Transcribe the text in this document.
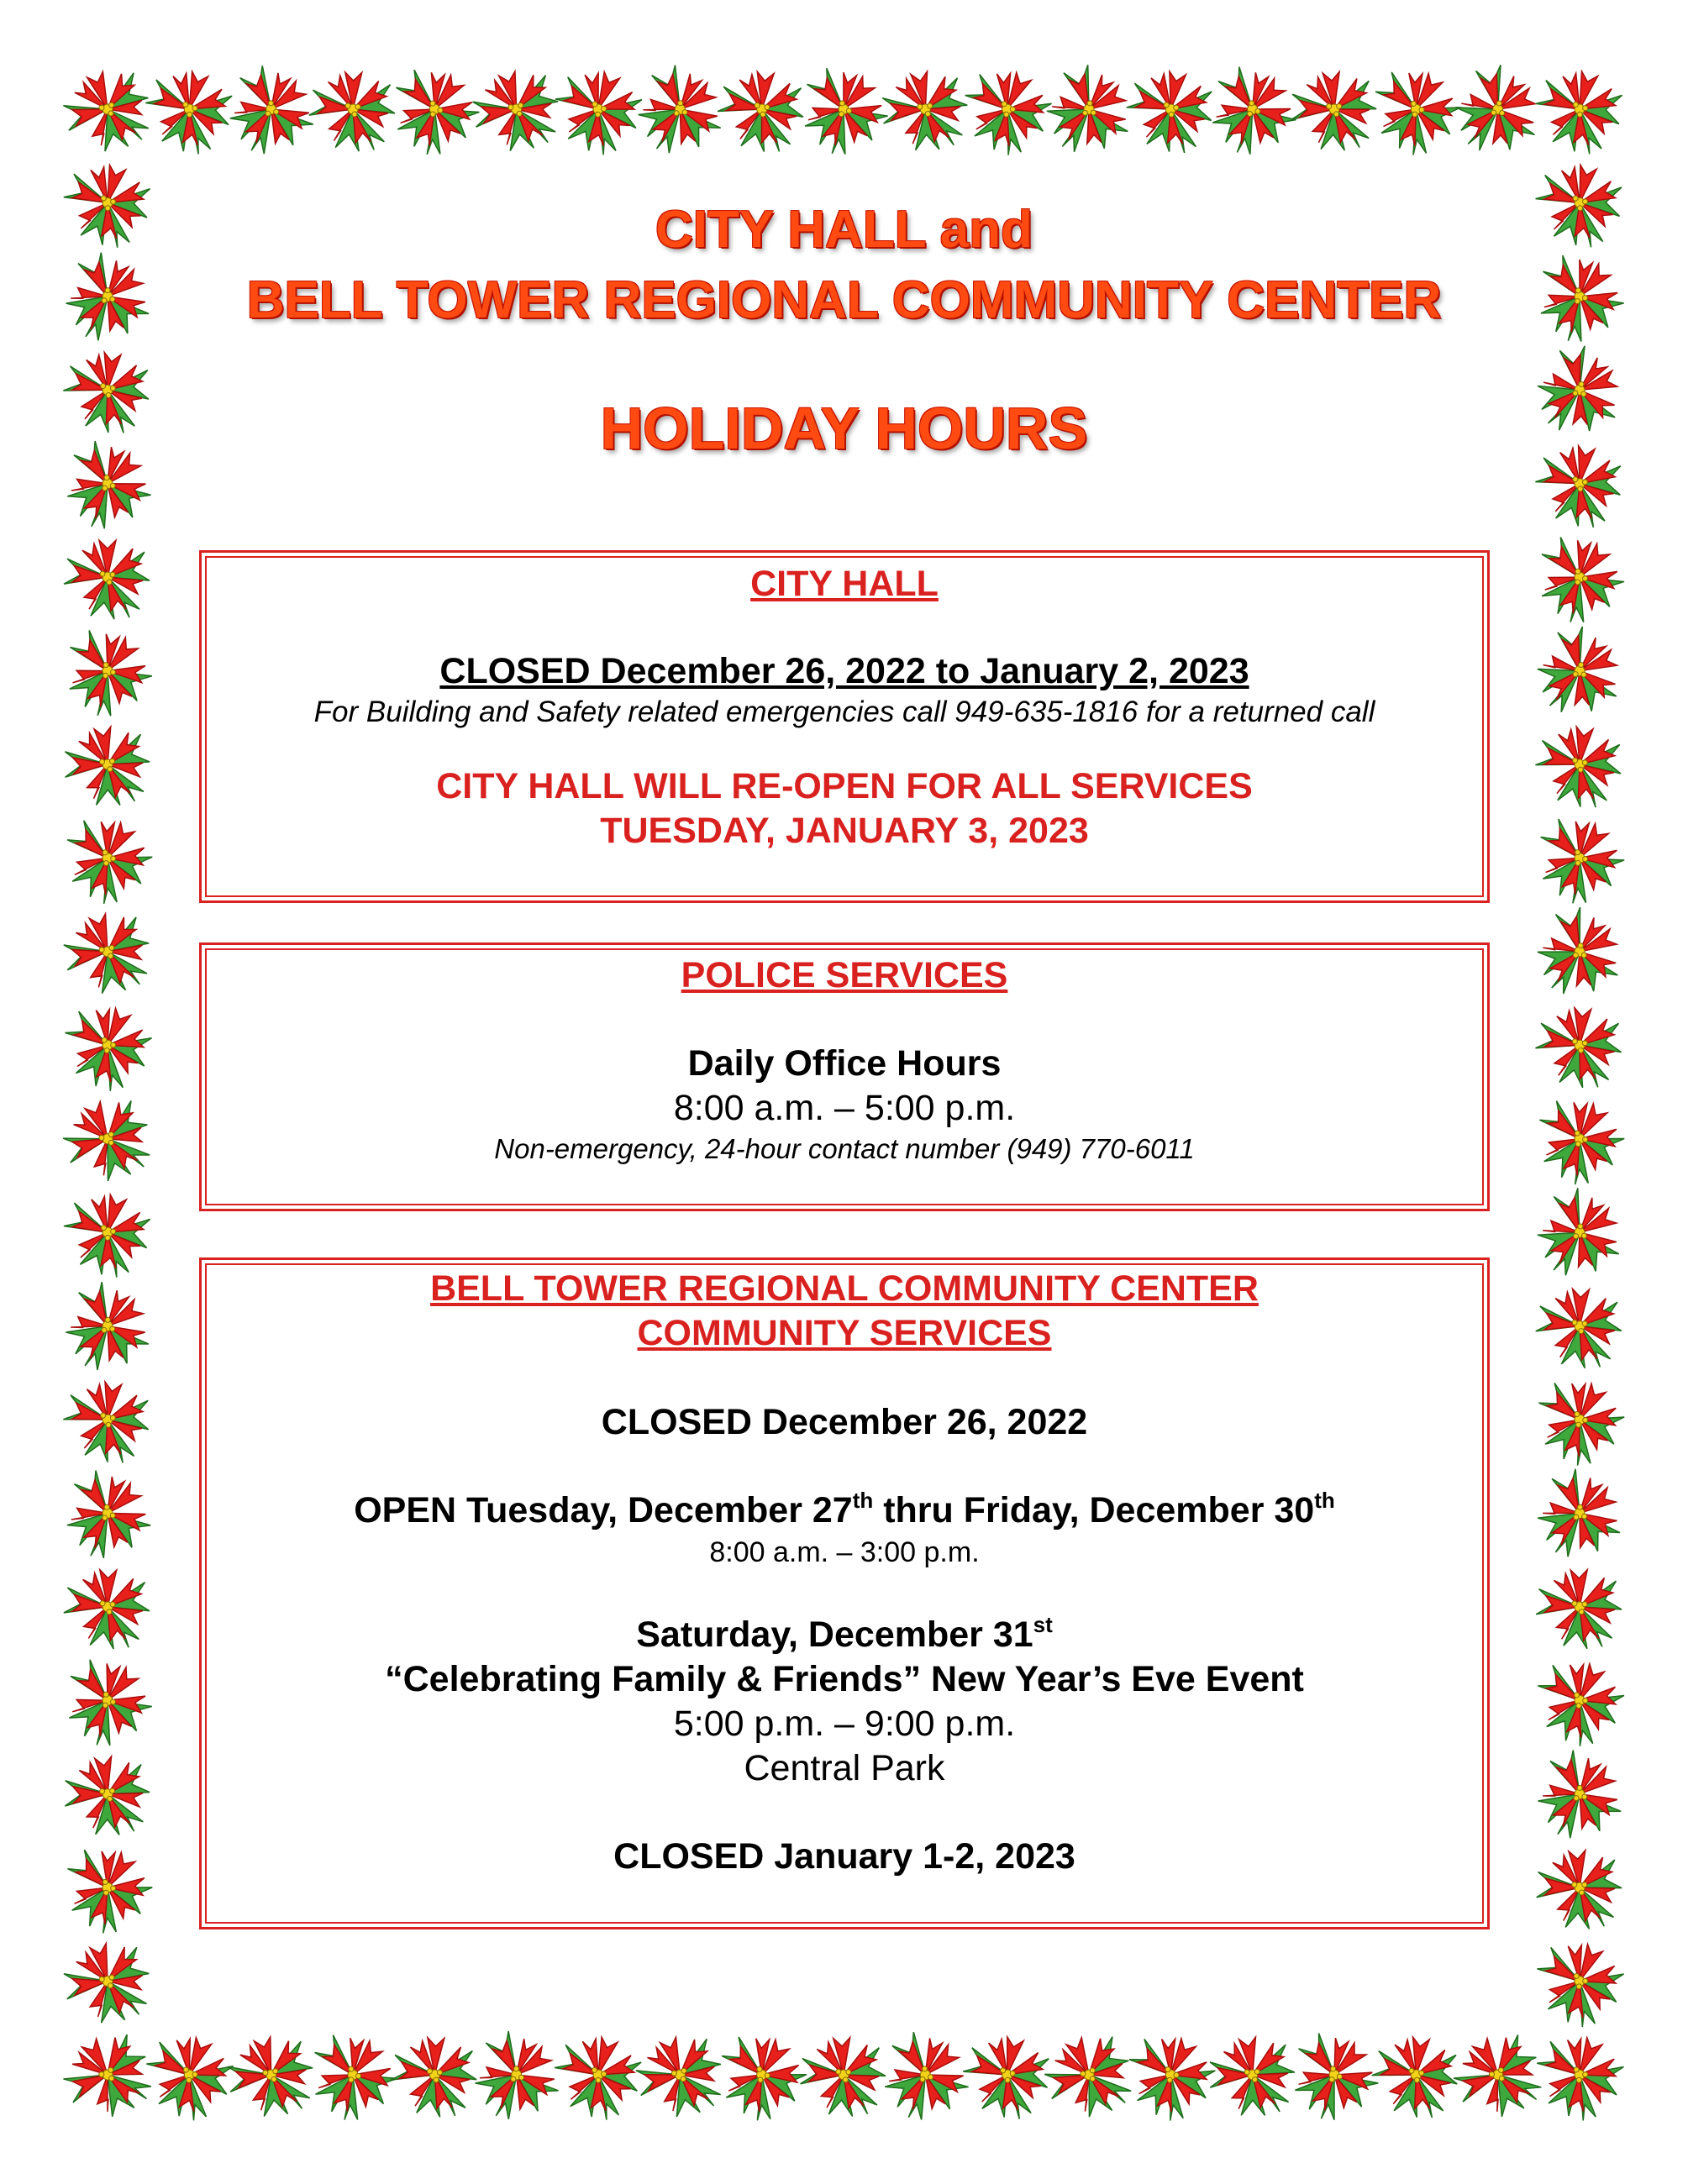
CITY HALL and
BELL TOWER REGIONAL COMMUNITY CENTER
HOLIDAY HOURS
CITY HALL
CLOSED December 26, 2022 to January 2, 2023
For Building and Safety related emergencies call 949-635-1816 for a returned call
CITY HALL WILL RE-OPEN FOR ALL SERVICES
TUESDAY, JANUARY 3, 2023
POLICE SERVICES
Daily Office Hours
8:00 a.m. – 5:00 p.m.
Non-emergency, 24-hour contact number (949) 770-6011
BELL TOWER REGIONAL COMMUNITY CENTER
COMMUNITY SERVICES
CLOSED December 26, 2022
OPEN Tuesday, December 27th thru Friday, December 30th
8:00 a.m. – 3:00 p.m.
Saturday, December 31st
“Celebrating Family & Friends” New Year’s Eve Event
5:00 p.m. – 9:00 p.m.
Central Park
CLOSED January 1-2, 2023
